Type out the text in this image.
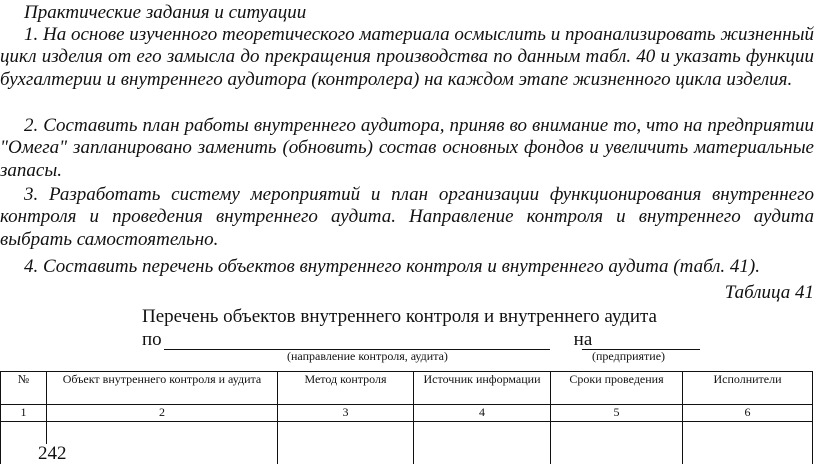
Практические задания и ситуации

1. На основе изученного теоретического материала осмыслить и проанализировать жизненный цикл изделия от его замысла до прекращения производства по данным табл. 40 и указать функции бухгалтерии и внутреннего аудитора (контролера) на каждом этапе жизненного цикла изделия.

2. Составить план работы внутреннего аудитора, приняв во внимание то, что на предприятии "Омега" запланировано заменить (обновить) состав основных фондов и увеличить материальные запасы.

3. Разработать систему мероприятий и план организации функционирования внутреннего контроля и проведения внутреннего аудита. Направление контроля и внутреннего аудита выбрать самостоятельно.

4. Составить перечень объектов внутреннего контроля и внутреннего аудита (табл. 41).

Таблица 41
Перечень объектов внутреннего контроля и внутреннего аудита
по	на
(направление контроля, аудита)	(предприятие)
№	Объект внутреннего контроля и аудита	Метод контроля	Источник информации	Сроки проведения	Исполнители
1	2	3	4	5	6

242
